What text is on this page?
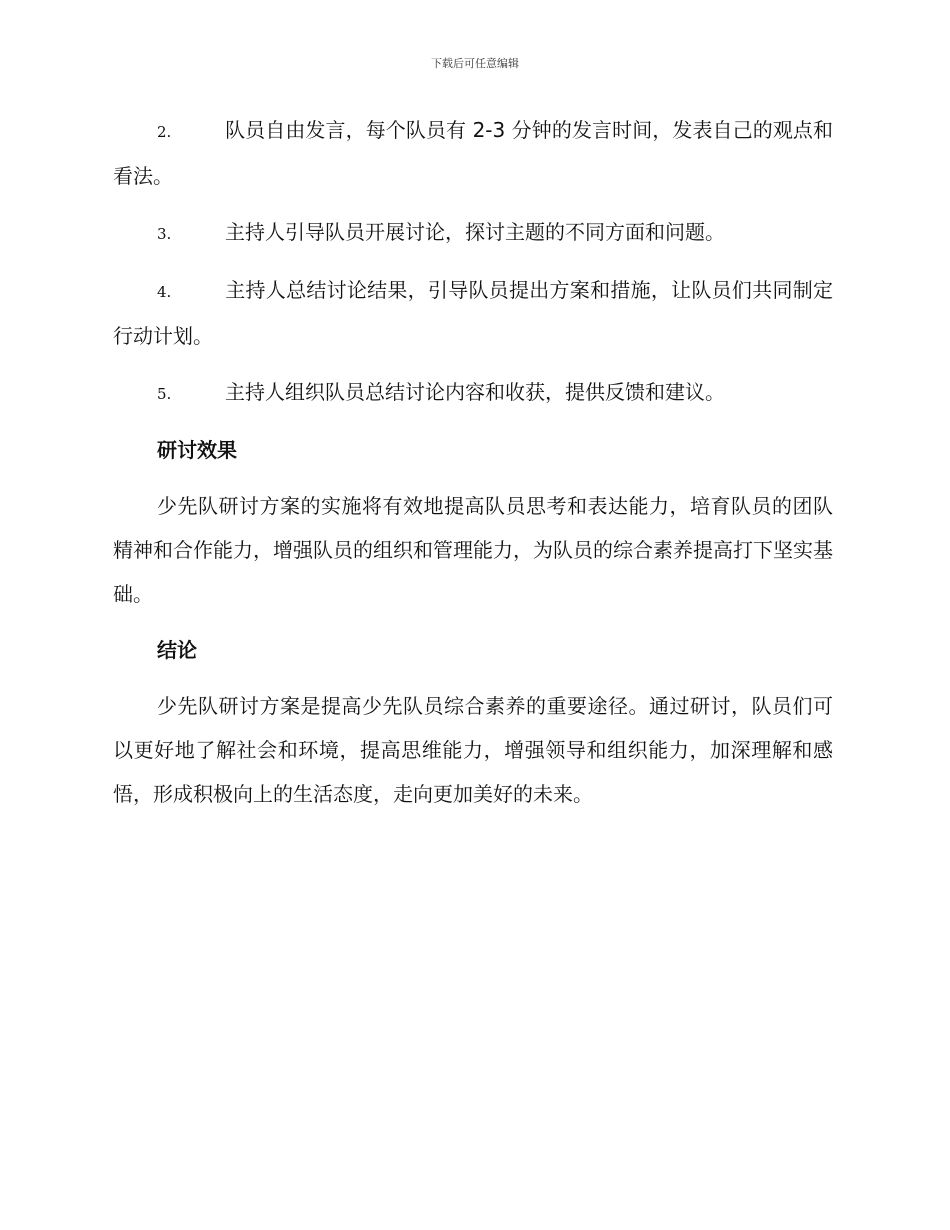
下载后可任意编辑

2.	队员自由发言，每个队员有 2-3 分钟的发言时间，发表自己的观点和看法。

3.	主持人引导队员开展讨论，探讨主题的不同方面和问题。

4.	主持人总结讨论结果，引导队员提出方案和措施，让队员们共同制定行动计划。

5.	主持人组织队员总结讨论内容和收获，提供反馈和建议。

研讨效果

少先队研讨方案的实施将有效地提高队员思考和表达能力，培育队员的团队精神和合作能力，增强队员的组织和管理能力，为队员的综合素养提高打下坚实基础。

结论

少先队研讨方案是提高少先队员综合素养的重要途径。通过研讨，队员们可以更好地了解社会和环境，提高思维能力，增强领导和组织能力，加深理解和感悟，形成积极向上的生活态度，走向更加美好的未来。
